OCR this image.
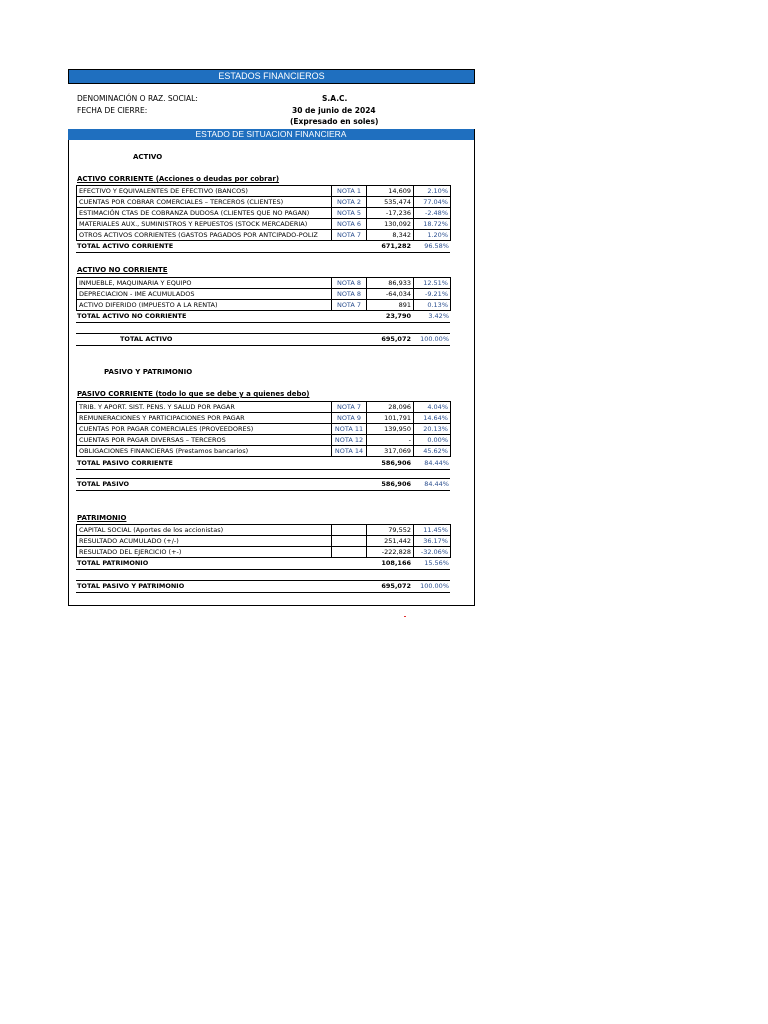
ESTADOS FINANCIEROS
DENOMINACIÓN O RAZ. SOCIAL:	S.A.C.
FECHA DE CIERRE:	30 de junio de 2024
(Expresado en soles)
ESTADO DE SITUACION FINANCIERA
ACTIVO
ACTIVO CORRIENTE (Acciones o deudas por cobrar)
EFECTIVO Y EQUIVALENTES DE EFECTIVO (BANCOS)	NOTA 1	14,609	2.10%
CUENTAS POR COBRAR COMERCIALES – TERCEROS (CLIENTES)	NOTA 2	535,474	77.04%
ESTIMACIÓN CTAS DE COBRANZA DUDOSA (CLIENTES QUE NO PAGAN)	NOTA 5	-17,236	-2.48%
MATERIALES AUX., SUMINISTROS Y REPUESTOS (STOCK MERCADERIA)	NOTA 6	130,092	18.72%
OTROS ACTIVOS CORRIENTES (GASTOS PAGADOS POR ANTCIPADO-POLIZ	NOTA 7	8,342	1.20%
TOTAL ACTIVO CORRIENTE	671,282 96.58%
ACTIVO NO CORRIENTE
INMUEBLE, MAQUINARIA Y EQUIPO	NOTA 8	86,933	12.51%
DEPRECIACION - IME ACUMULADOS	NOTA 8	-64,034	-9.21%
ACTIVO DIFERIDO (IMPUESTO A LA RENTA)	NOTA 7	891	0.13%
TOTAL ACTIVO NO CORRIENTE	23,790	3.42%
TOTAL ACTIVO	695,072 100.00%
PASIVO Y PATRIMONIO
PASIVO CORRIENTE (todo lo que se debe y a quienes debo)
TRIB. Y APORT. SIST. PENS. Y SALUD POR PAGAR	NOTA 7	28,096	4.04%
REMUNERACIONES Y PARTICIPACIONES POR PAGAR	NOTA 9	101,791	14.64%
CUENTAS POR PAGAR COMERCIALES (PROVEEDORES)	NOTA 11	139,950	20.13%
CUENTAS POR PAGAR DIVERSAS – TERCEROS	NOTA 12	-	0.00%
OBLIGACIONES FINANCIERAS (Prestamos bancarios)	NOTA 14	317,069	45.62%
TOTAL PASIVO CORRIENTE	586,906 84.44%
TOTAL PASIVO	586,906 84.44%
PATRIMONIO
CAPITAL SOCIAL (Aportes de los accionistas)		79,552	11.45%
RESULTADO ACUMULADO (+/-)		251,442	36.17%
RESULTADO DEL EJERCICIO (+-)		-222,828	-32.06%
TOTAL PATRIMONIO	108,166 15.56%
TOTAL PASIVO Y PATRIMONIO	695,072 100.00%
